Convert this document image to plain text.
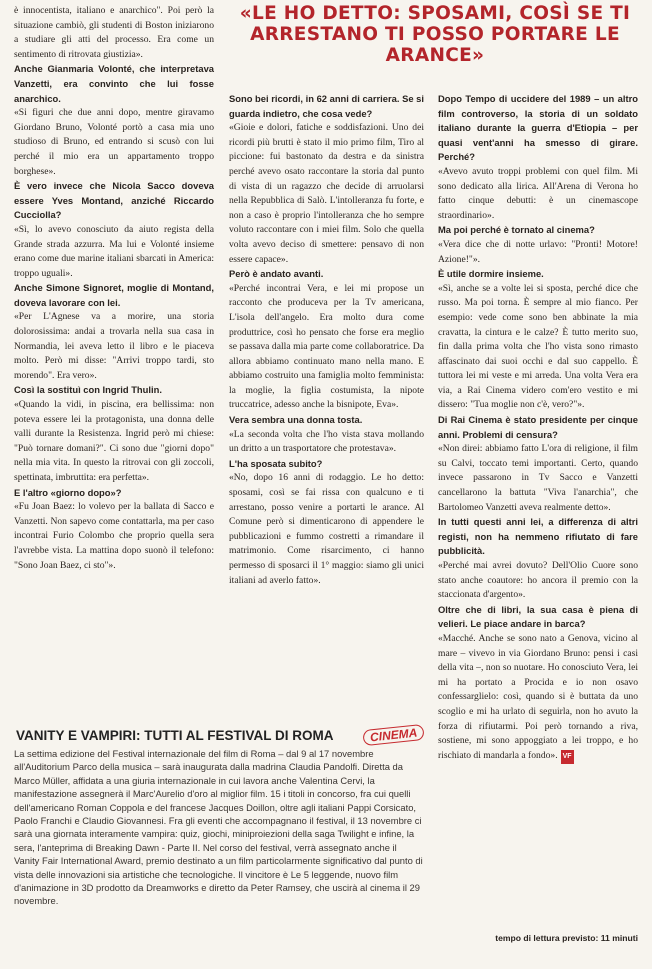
«LE HO DETTO: SPOSAMI, COSÌ SE TI ARRESTANO TI POSSO PORTARE LE ARANCE»

è innocentista, italiano e anarchico". Poi però la situazione cambiò, gli studenti di Boston iniziarono a studiare gli atti del processo. Era come un sentimento di ritrovata giustizia».

Anche Gianmaria Volonté, che interpretava Vanzetti, era convinto che lui fosse anarchico.

«Si figuri che due anni dopo, mentre giravamo Giordano Bruno, Volonté portò a casa mia uno studioso di Bruno, ed entrando si scusò con lui perché il mio era un appartamento troppo borghese».

È vero invece che Nicola Sacco doveva essere Yves Montand, anziché Riccardo Cucciolla?

«Sì, lo avevo conosciuto da aiuto regista della Grande strada azzurra. Ma lui e Volonté insieme erano come due marine italiani sbarcati in America: troppo uguali».

Anche Simone Signoret, moglie di Montand, doveva lavorare con lei.

«Per L'Agnese va a morire, una storia dolorosissima: andai a trovarla nella sua casa in Normandia, lei aveva letto il libro e le piaceva molto. Però mi disse: "Arrivi troppo tardi, sto morendo". Era vero».

Così la sostituì con Ingrid Thulin.

«Quando la vidi, in piscina, era bellissima: non poteva essere lei la protagonista, una donna delle valli durante la Resistenza. Ingrid però mi chiese: "Può tornare domani?". Ci sono due "giorni dopo" nella mia vita. In questo la ritrovai con gli zoccoli, spettinata, imbruttita: era perfetta».

E l'altro «giorno dopo»?

«Fu Joan Baez: lo volevo per la ballata di Sacco e Vanzetti. Non sapevo come contattarla, ma per caso incontrai Furio Colombo che proprio quella sera l'avrebbe vista. La mattina dopo suonò il telefono: "Sono Joan Baez, ci sto"».

Sono bei ricordi, in 62 anni di carriera. Se si guarda indietro, che cosa vede?

«Gioie e dolori, fatiche e soddisfazioni. Uno dei ricordi più brutti è stato il mio primo film, Tiro al piccione: fui bastonato da destra e da sinistra perché avevo osato raccontare la storia dal punto di vista di un ragazzo che decide di arruolarsi nella Repubblica di Salò. L'intolleranza fu forte, e non a caso è proprio l'intolleranza che ho sempre voluto raccontare con i miei film. Solo che quella volta avevo deciso di smettere: pensavo di non essere capace».

Però è andato avanti.

«Perché incontrai Vera, e lei mi propose un racconto che produceva per la Tv americana, L'isola dell'angelo. Era molto dura come produttrice, così ho pensato che forse era meglio se passava dalla mia parte come collaboratrice. Da allora abbiamo continuato mano nella mano. E abbiamo costruito una famiglia molto femminista: la moglie, la figlia costumista, la nipote truccatrice, adesso anche la bisnipote, Eva».

Vera sembra una donna tosta.

«La seconda volta che l'ho vista stava mollando un dritto a un trasportatore che protestava».

L'ha sposata subito?

«No, dopo 16 anni di rodaggio. Le ho detto: sposami, così se fai rissa con qualcuno e ti arrestano, posso venire a portarti le arance. Al Comune però si dimenticarono di appendere le pubblicazioni e fummo costretti a rimandare il matrimonio. Come risarcimento, ci hanno permesso di sposarci il 1° maggio: siamo gli unici italiani ad averlo fatto».

Dopo Tempo di uccidere del 1989 – un altro film controverso, la storia di un soldato italiano durante la guerra d'Etiopia – per quasi vent'anni ha smesso di girare. Perché?

«Avevo avuto troppi problemi con quel film. Mi sono dedicato alla lirica. All'Arena di Verona ho fatto cinque debutti: è un cinemascope straordinario».

Ma poi perché è tornato al cinema?

«Vera dice che di notte urlavo: "Pronti! Motore! Azione!"».

È utile dormire insieme.

«Sì, anche se a volte lei si sposta, perché dice che russo. Ma poi torna. È sempre al mio fianco. Per esempio: vede come sono ben abbinate la mia cravatta, la cintura e le calze? È tutto merito suo, fin dalla prima volta che l'ho vista sono rimasto affascinato dai suoi occhi e dal suo cappello. È tuttora lei mi veste e mi arreda. Una volta Vera era via, a Rai Cinema videro com'ero vestito e mi dissero: "Tua moglie non c'è, vero?"».

Di Rai Cinema è stato presidente per cinque anni. Problemi di censura?

«Non direi: abbiamo fatto L'ora di religione, il film su Calvi, toccato temi importanti. Certo, quando invece passarono in Tv Sacco e Vanzetti cancellarono la battuta "Viva l'anarchia", che Bartolomeo Vanzetti aveva realmente detto».

In tutti questi anni lei, a differenza di altri registi, non ha nemmeno rifiutato di fare pubblicità.

«Perché mai avrei dovuto? Dell'Olio Cuore sono stato anche coautore: ho ancora il premio con la staccionata d'argento».

Oltre che di libri, la sua casa è piena di velieri. Le piace andare in barca?

«Macché. Anche se sono nato a Genova, vicino al mare – vivevo in via Giordano Bruno: pensi i casi della vita –, non so nuotare. Ho conosciuto Vera, lei mi ha portato a Procida e io non osavo confessarglielo: così, quando si è buttata da uno scoglio e mi ha urlato di seguirla, non ho avuto la forza di rifiutarmi. Poi però tornando a riva, sostiene, mi sono appoggiato a lei troppo, e ho rischiato di mandarla a fondo». VF

VANITY E VAMPIRI: TUTTI AL FESTIVAL DI ROMA	CINEMA
La settima edizione del Festival internazionale del film di Roma – dal 9 al 17 novembre all'Auditorium Parco della musica – sarà inaugurata dalla madrina Claudia Pandolfi. Diretta da Marco Müller, affidata a una giuria internazionale in cui lavora anche Valentina Cervi, la manifestazione assegnerà il Marc'Aurelio d'oro al miglior film. 15 i titoli in concorso, fra cui quelli dell'americano Roman Coppola e del francese Jacques Doillon, oltre agli italiani Pappi Corsicato, Paolo Franchi e Claudio Giovannesi. Fra gli eventi che accompagnano il festival, il 13 novembre ci sarà una giornata interamente vampira: quiz, giochi, miniproiezioni della saga Twilight e infine, la sera, l'anteprima di Breaking Dawn - Parte II. Nel corso del festival, verrà assegnato anche il Vanity Fair International Award, premio destinato a un film particolarmente significativo dal punto di vista delle innovazioni sia artistiche che tecnologiche. Il vincitore è Le 5 leggende, nuovo film d'animazione in 3D prodotto da Dreamworks e diretto da Peter Ramsey, che uscirà al cinema il 29 novembre.
tempo di lettura previsto: 11 minuti
